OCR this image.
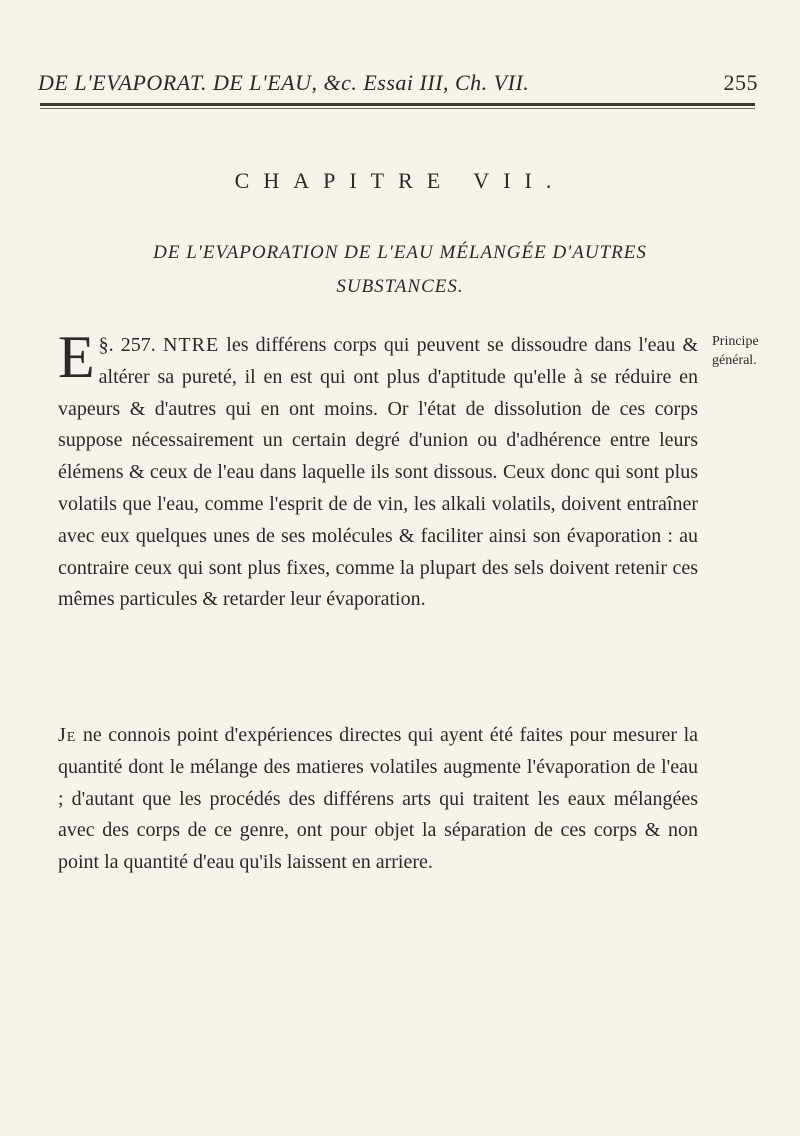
DE L'EVAPORAT. DE L'EAU, &c. Essai III, Ch. VII.	255
CHAPITRE VII.
DE L'EVAPORATION DE L'EAU MÉLANGÉE D'AUTRES
SUBSTANCES.
Principe général.
§. 257.
E	NTRE les différens corps qui peuvent se dissoudre dans l'eau & altérer sa pureté, il en est qui ont plus d'aptitude qu'elle à se réduire en vapeurs & d'autres qui en ont moins. Or l'état de dissolution de ces corps suppose nécessairement un certain degré d'union ou d'adhérence entre leurs élémens & ceux de l'eau dans laquelle ils sont dissous. Ceux donc qui sont plus volatils que l'eau, comme l'esprit de de vin, les alkali volatils, doivent entraîner avec eux quelques unes de ses molécules & faciliter ainsi son évaporation : au contraire ceux qui sont plus fixes, comme la plupart des sels doivent retenir ces mêmes particules & retarder leur évaporation.
Je ne connois point d'expériences directes qui ayent été faites pour mesurer la quantité dont le mélange des matieres volatiles augmente l'évaporation de l'eau ; d'autant que les procédés des différens arts qui traitent les eaux mélangées avec des corps de ce genre, ont pour objet la séparation de ces corps & non point la quantité d'eau qu'ils laissent en arriere.
